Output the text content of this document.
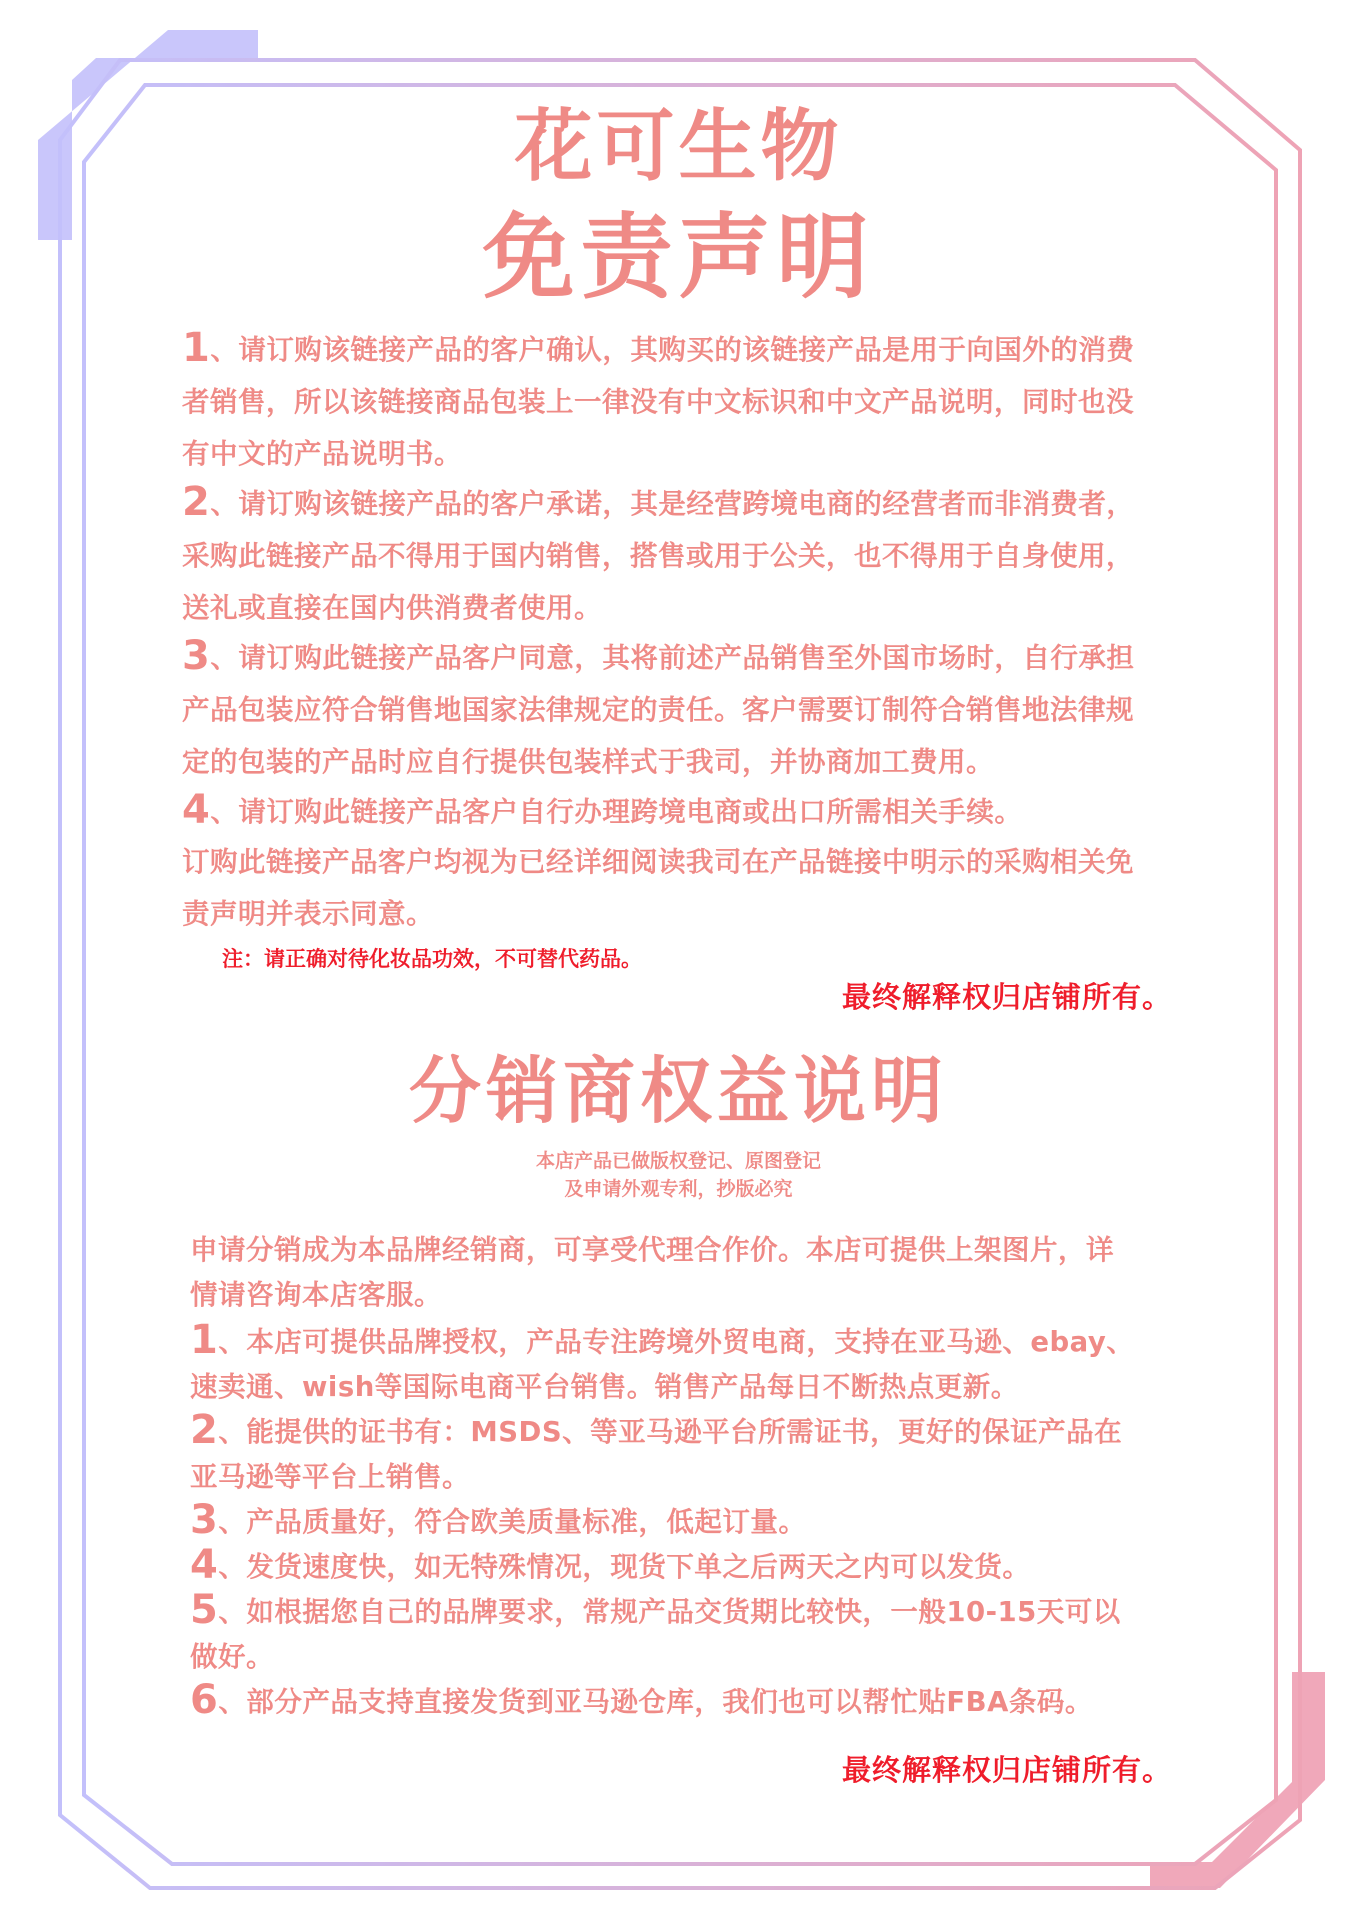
花可生物
免责声明
1、请订购该链接产品的客户确认，其购买的该链接产品是用于向国外的消费
者销售，所以该链接商品包装上一律没有中文标识和中文产品说明，同时也没
有中文的产品说明书。
2、请订购该链接产品的客户承诺，其是经营跨境电商的经营者而非消费者，
采购此链接产品不得用于国内销售，搭售或用于公关，也不得用于自身使用，
送礼或直接在国内供消费者使用。
3、请订购此链接产品客户同意，其将前述产品销售至外国市场时，自行承担
产品包装应符合销售地国家法律规定的责任。客户需要订制符合销售地法律规
定的包装的产品时应自行提供包装样式于我司，并协商加工费用。
4、请订购此链接产品客户自行办理跨境电商或出口所需相关手续。
订购此链接产品客户均视为已经详细阅读我司在产品链接中明示的采购相关免
责声明并表示同意。
注：请正确对待化妆品功效，不可替代药品。
最终解释权归店铺所有。
分销商权益说明
本店产品已做版权登记、原图登记
及申请外观专利，抄版必究
申请分销成为本品牌经销商，可享受代理合作价。本店可提供上架图片，详
情请咨询本店客服。
1、本店可提供品牌授权，产品专注跨境外贸电商，支持在亚马逊、ebay、
速卖通、wish等国际电商平台销售。销售产品每日不断热点更新。
2、能提供的证书有：MSDS、等亚马逊平台所需证书，更好的保证产品在
亚马逊等平台上销售。
3、产品质量好，符合欧美质量标准，低起订量。
4、发货速度快，如无特殊情况，现货下单之后两天之内可以发货。
5、如根据您自己的品牌要求，常规产品交货期比较快，一般10-15天可以
做好。
6、部分产品支持直接发货到亚马逊仓库，我们也可以帮忙贴FBA条码。
最终解释权归店铺所有。
